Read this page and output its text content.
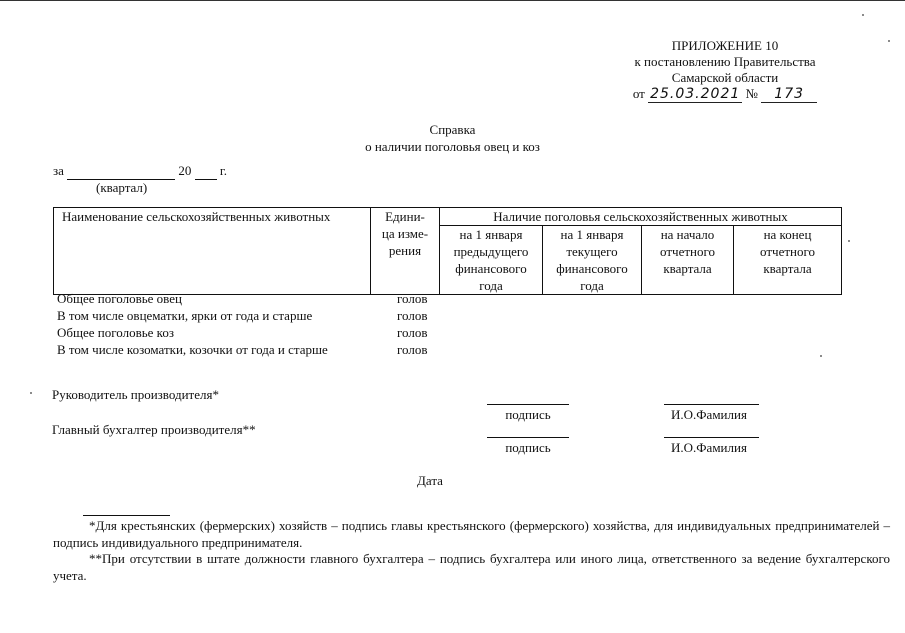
ПРИЛОЖЕНИЕ 10
к постановлению Правительства
Самарской области
от 25.03.2021 № 173
Справка
о наличии поголовья овец и коз
за	20 г.
(квартал)
Наименование сельскохозяйственных животных	Едини-
ца изме-
рения	Наличие поголовья сельскохозяйственных животных			
		на 1 января
предыдущего
финансового
года	на 1 января
текущего
финансового
года	на начало
отчетного
квартала	на конец
отчетного
квартала
Общее поголовье овец	голов
В том числе овцематки, ярки от года и старше	голов
Общее поголовье коз	голов
В том числе козоматки, козочки от года и старше	голов
Руководитель производителя*
подпись	И.О.Фамилия
Главный бухгалтер производителя**
подпись	И.О.Фамилия
Дата

*Для крестьянских (фермерских) хозяйств – подпись главы крестьянского (фермерского) хозяйства, для индивидуальных предпринимателей – подпись индивидуального предпринимателя.

**При отсутствии в штате должности главного бухгалтера – подпись бухгалтера или иного лица, ответственного за ведение бухгалтерского учета.
